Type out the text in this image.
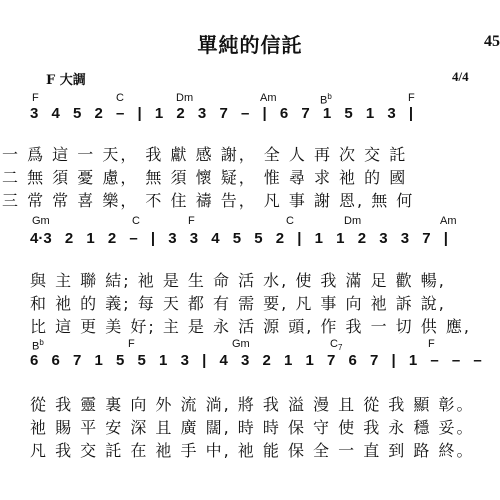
單純的信託	45
F 大調	4/4
F	C	Dm	Am	$B^b$	F
3 4 5 2 – | 1 2 3 7 – | 6 7 1 5 1 3 |
一 爲 這 一 天， 我 獻 感 謝， 全 人 再 次 交 託
二 無 須 憂 慮， 無 須 懷 疑， 惟 尋 求 祂 的 國
三 常 常 喜 樂， 不 住 禱 告， 凡 事 謝 恩, 無 何
Gm	C	F	C	Dm	Am
4·3 2 1 2 – | 3 3 4 5 5 2 | 1 1 2 3 3 7 |
與 主 聯 結; 祂 是 生 命 活 水, 使 我 滿 足 歡 暢,
和 祂 的 義; 每 天 都 有 需 要, 凡 事 向 祂 訴 說,
比 這 更 美 好; 主 是 永 活 源 頭, 作 我 一 切 供 應,
$B^b$	F	Gm	$C_7$	F
6 6 7 1 5 5 1 3 | 4 3 2 1 1 7 6 7 | 1 – – –
從 我 靈 裏 向 外 流 淌, 將 我 溢 漫 且 從 我 顯 彰。
祂 賜 平 安 深 且 廣 闊, 時 時 保 守 使 我 永 穩 妥。
凡 我 交 託 在 祂 手 中, 祂 能 保 全 一 直 到 路 終。
